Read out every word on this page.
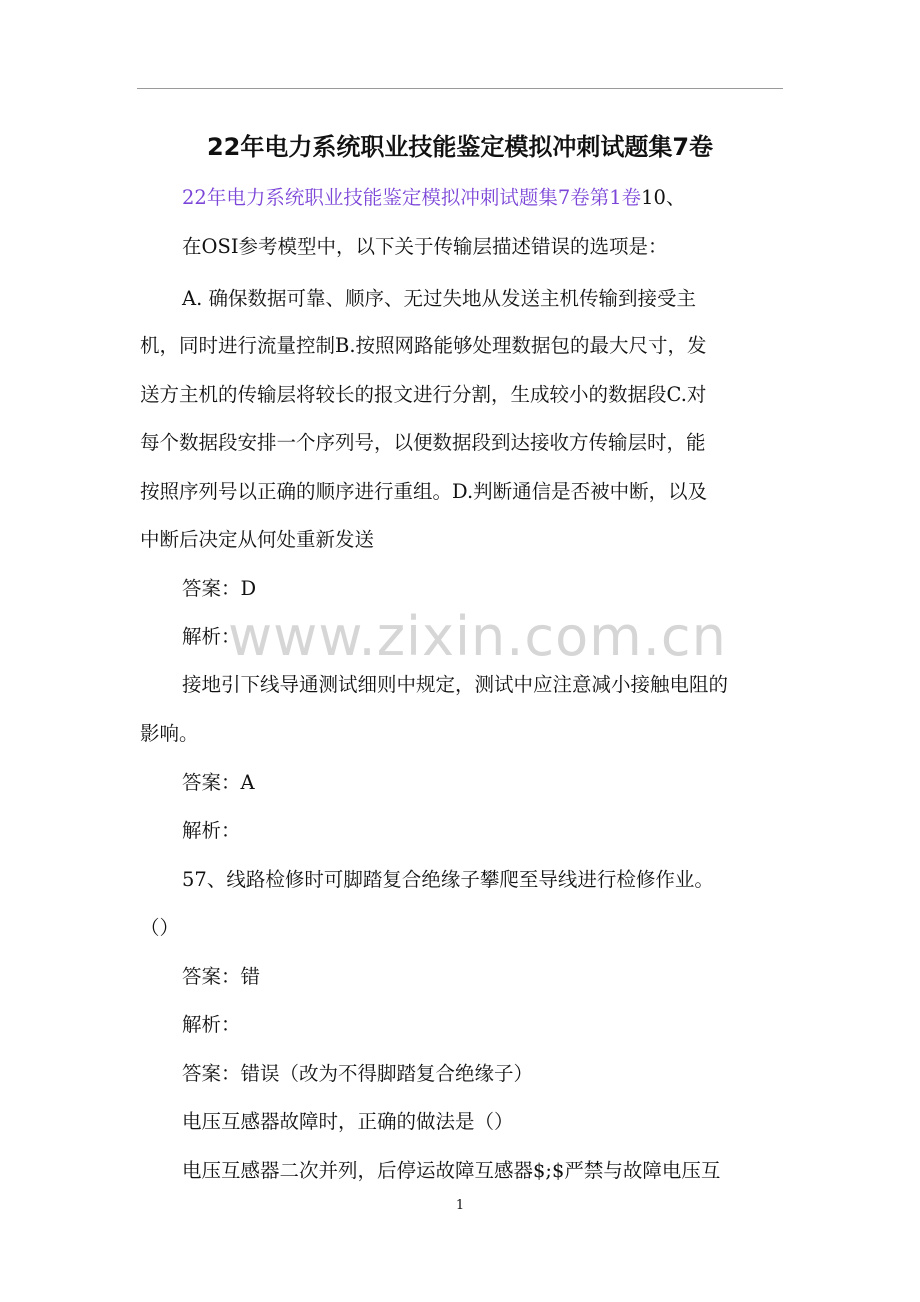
22年电力系统职业技能鉴定模拟冲刺试题集7卷
22年电力系统职业技能鉴定模拟冲刺试题集7卷第1卷10、
在OSI参考模型中，以下关于传输层描述错误的选项是：
A. 确保数据可靠、顺序、无过失地从发送主机传输到接受主
机，同时进行流量控制B.按照网路能够处理数据包的最大尺寸，发
送方主机的传输层将较长的报文进行分割，生成较小的数据段C.对
每个数据段安排一个序列号，以便数据段到达接收方传输层时，能
按照序列号以正确的顺序进行重组。D.判断通信是否被中断，以及
中断后决定从何处重新发送
答案：D
解析：
接地引下线导通测试细则中规定，测试中应注意减小接触电阻的
影响。
答案：A
解析：
57、线路检修时可脚踏复合绝缘子攀爬至导线进行检修作业。
（）
答案：错
解析：
答案：错误（改为不得脚踏复合绝缘子）
电压互感器故障时，正确的做法是（）
电压互感器二次并列，后停运故障互感器$;$严禁与故障电压互
www.zixin.com.cn
1
